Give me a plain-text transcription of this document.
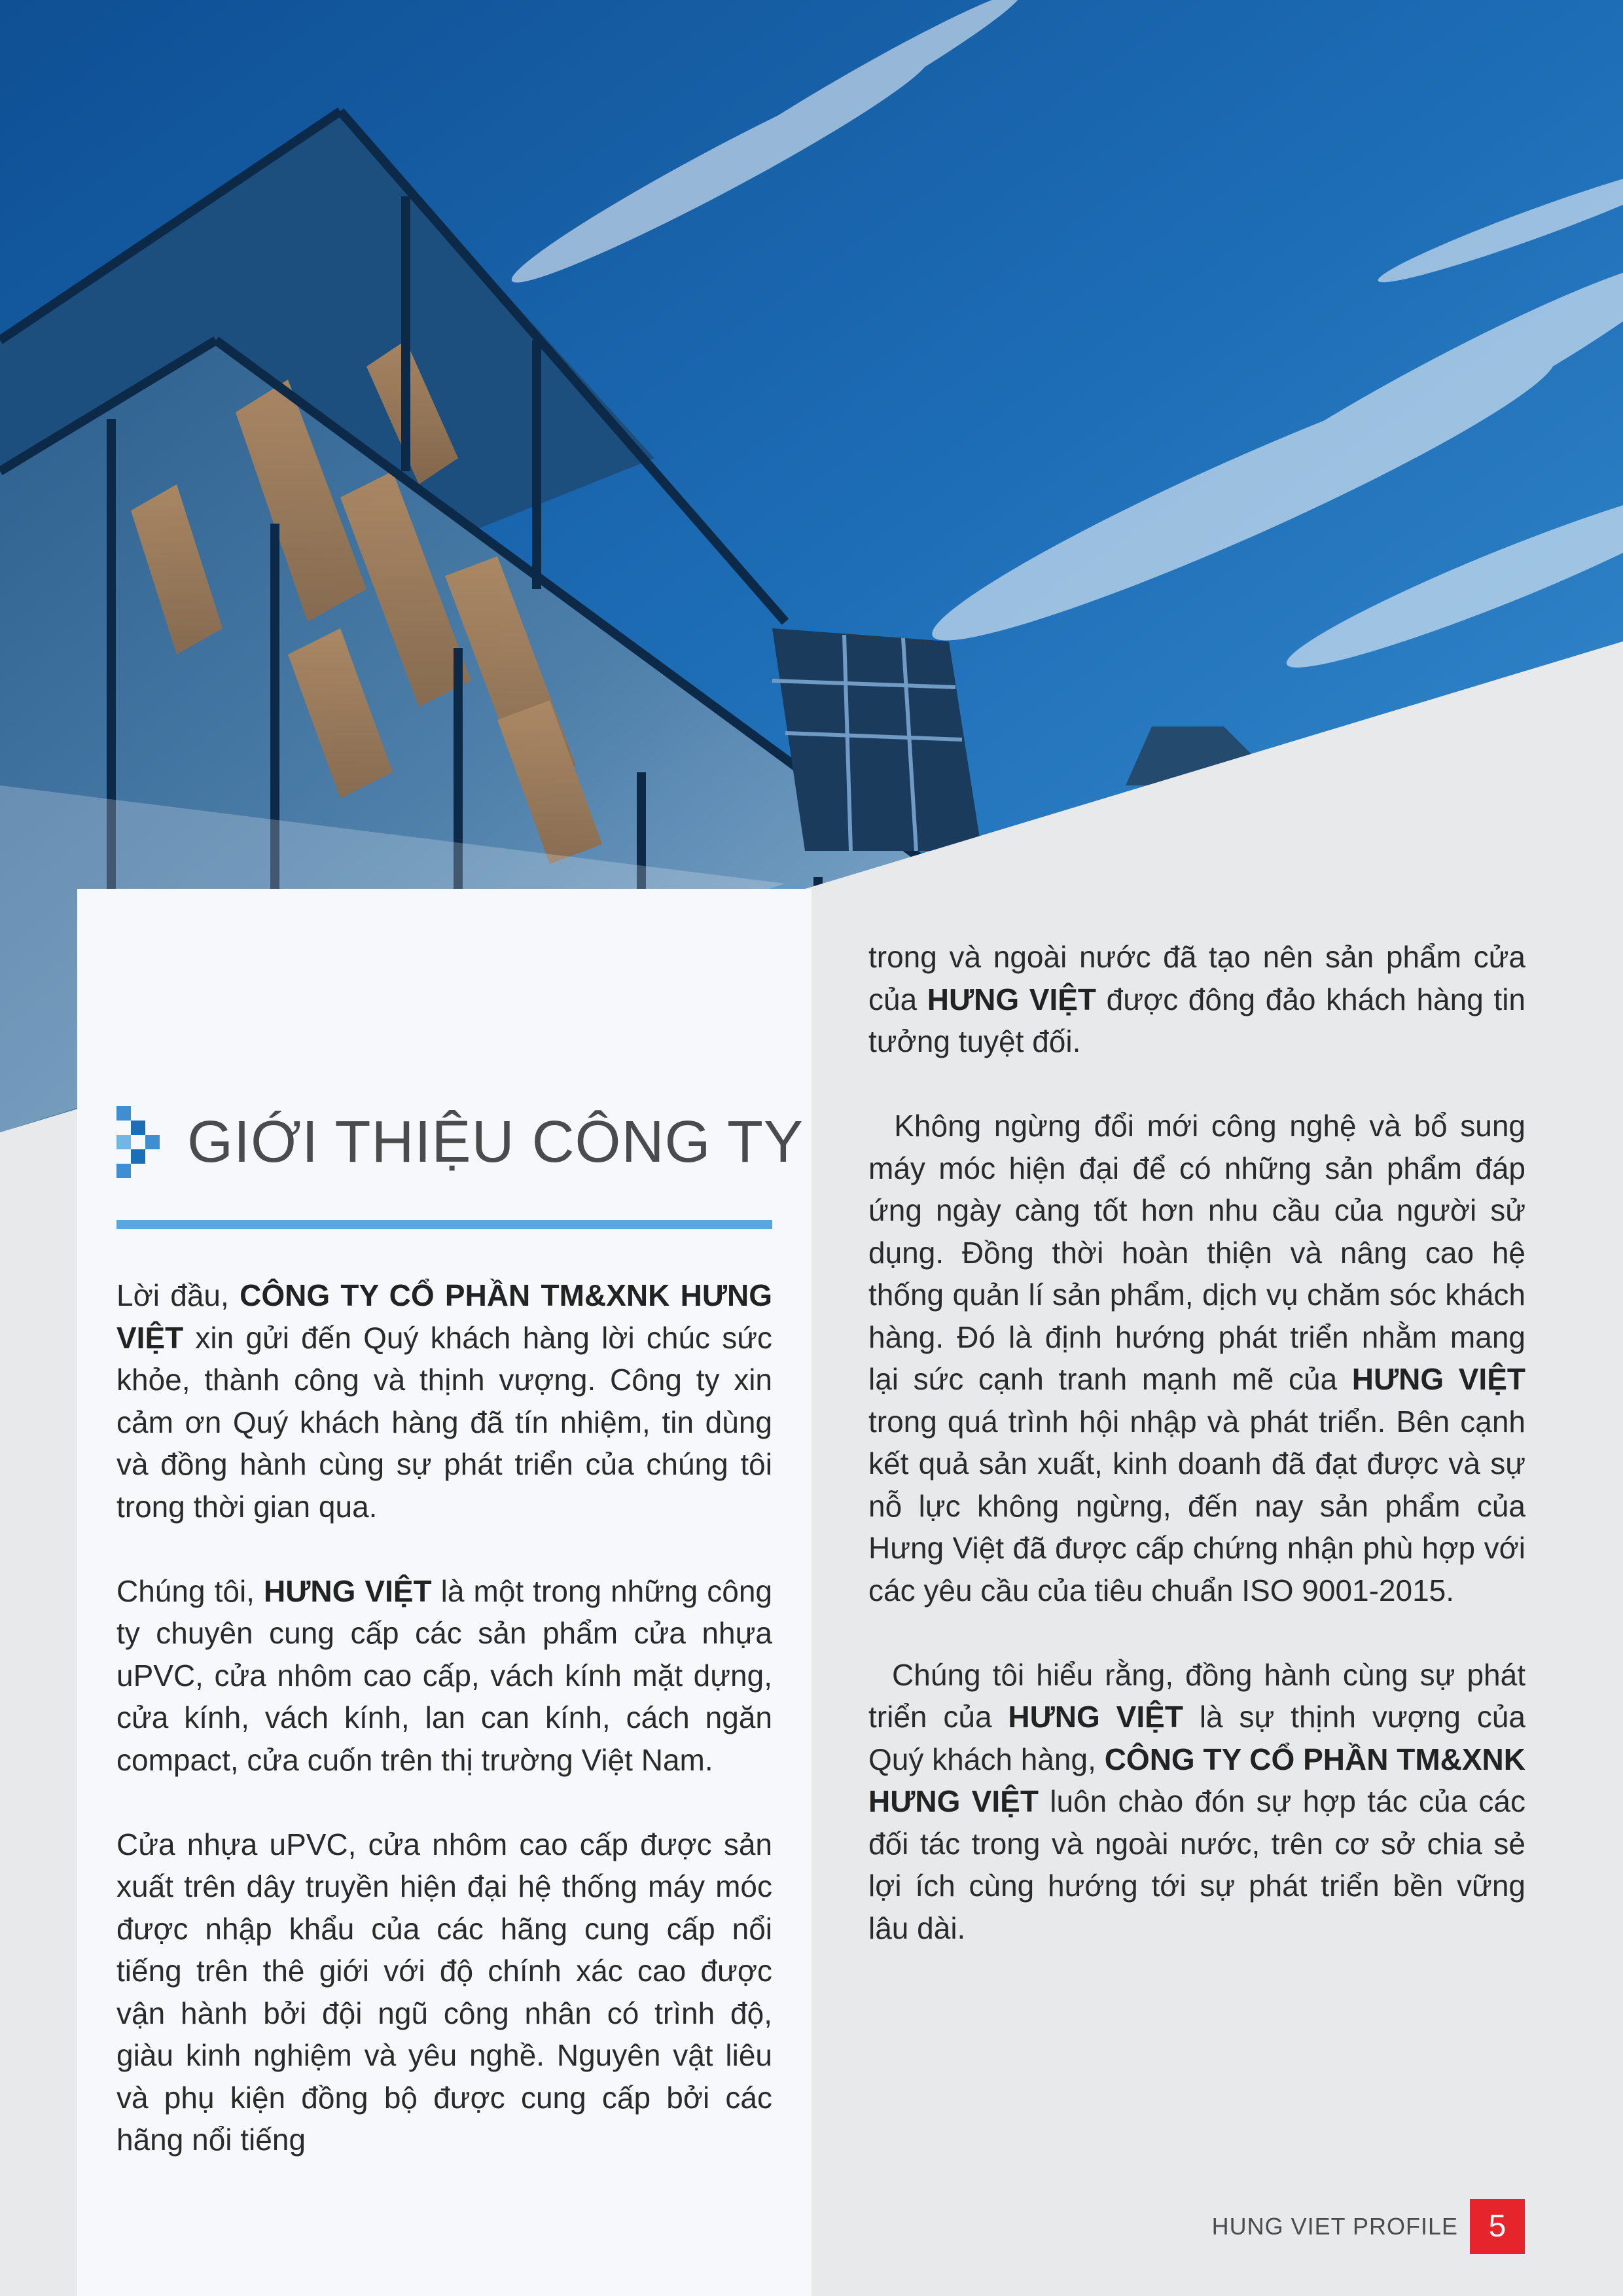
GIỚI THIỆU CÔNG TY

Lời đầu, CÔNG TY CỔ PHẦN TM&XNK HƯNG VIỆT xin gửi đến Quý khách hàng lời chúc sức khỏe, thành công và thịnh vượng. Công ty xin cảm ơn Quý khách hàng đã tín nhiệm, tin dùng và đồng hành cùng sự phát triển của chúng tôi trong thời gian qua.

Chúng tôi, HƯNG VIỆT là một trong những công ty chuyên cung cấp các sản phẩm cửa nhựa uPVC, cửa nhôm cao cấp, vách kính mặt dựng, cửa kính, vách kính, lan can kính, cách ngăn compact, cửa cuốn trên thị trường Việt Nam.

Cửa nhựa uPVC, cửa nhôm cao cấp được sản xuất trên dây truyền hiện đại hệ thống máy móc được nhập khẩu của các hãng cung cấp nổi tiếng trên thê giới với độ chính xác cao được vận hành bởi đội ngũ công nhân có trình độ, giàu kinh nghiệm và yêu nghề. Nguyên vật liêu và phụ kiện đồng bộ được cung cấp bởi các hãng nổi tiếng

trong và ngoài nước đã tạo nên sản phẩm cửa của HƯNG VIỆT được đông đảo khách hàng tin tưởng tuyệt đối.

Không ngừng đổi mới công nghệ và bổ sung máy móc hiện đại để có những sản phẩm đáp ứng ngày càng tốt hơn nhu cầu của người sử dụng. Đồng thời hoàn thiện và nâng cao hệ thống quản lí sản phẩm, dịch vụ chăm sóc khách hàng. Đó là định hướng phát triển nhằm mang lại sức cạnh tranh mạnh mẽ của HƯNG VIỆT trong quá trình hội nhập và phát triển. Bên cạnh kết quả sản xuất, kinh doanh đã đạt được và sự nỗ lực không ngừng, đến nay sản phẩm của Hưng Việt đã được cấp chứng nhận phù hợp với các yêu cầu của tiêu chuẩn ISO 9001-2015.

Chúng tôi hiểu rằng, đồng hành cùng sự phát triển của HƯNG VIỆT là sự thịnh vượng của Quý khách hàng, CÔNG TY CỔ PHẦN TM&XNK HƯNG VIỆT luôn chào đón sự hợp tác của các đối tác trong và ngoài nước, trên cơ sở chia sẻ lợi ích cùng hướng tới sự phát triển bền vững lâu dài.

HUNG VIET PROFILE 5
